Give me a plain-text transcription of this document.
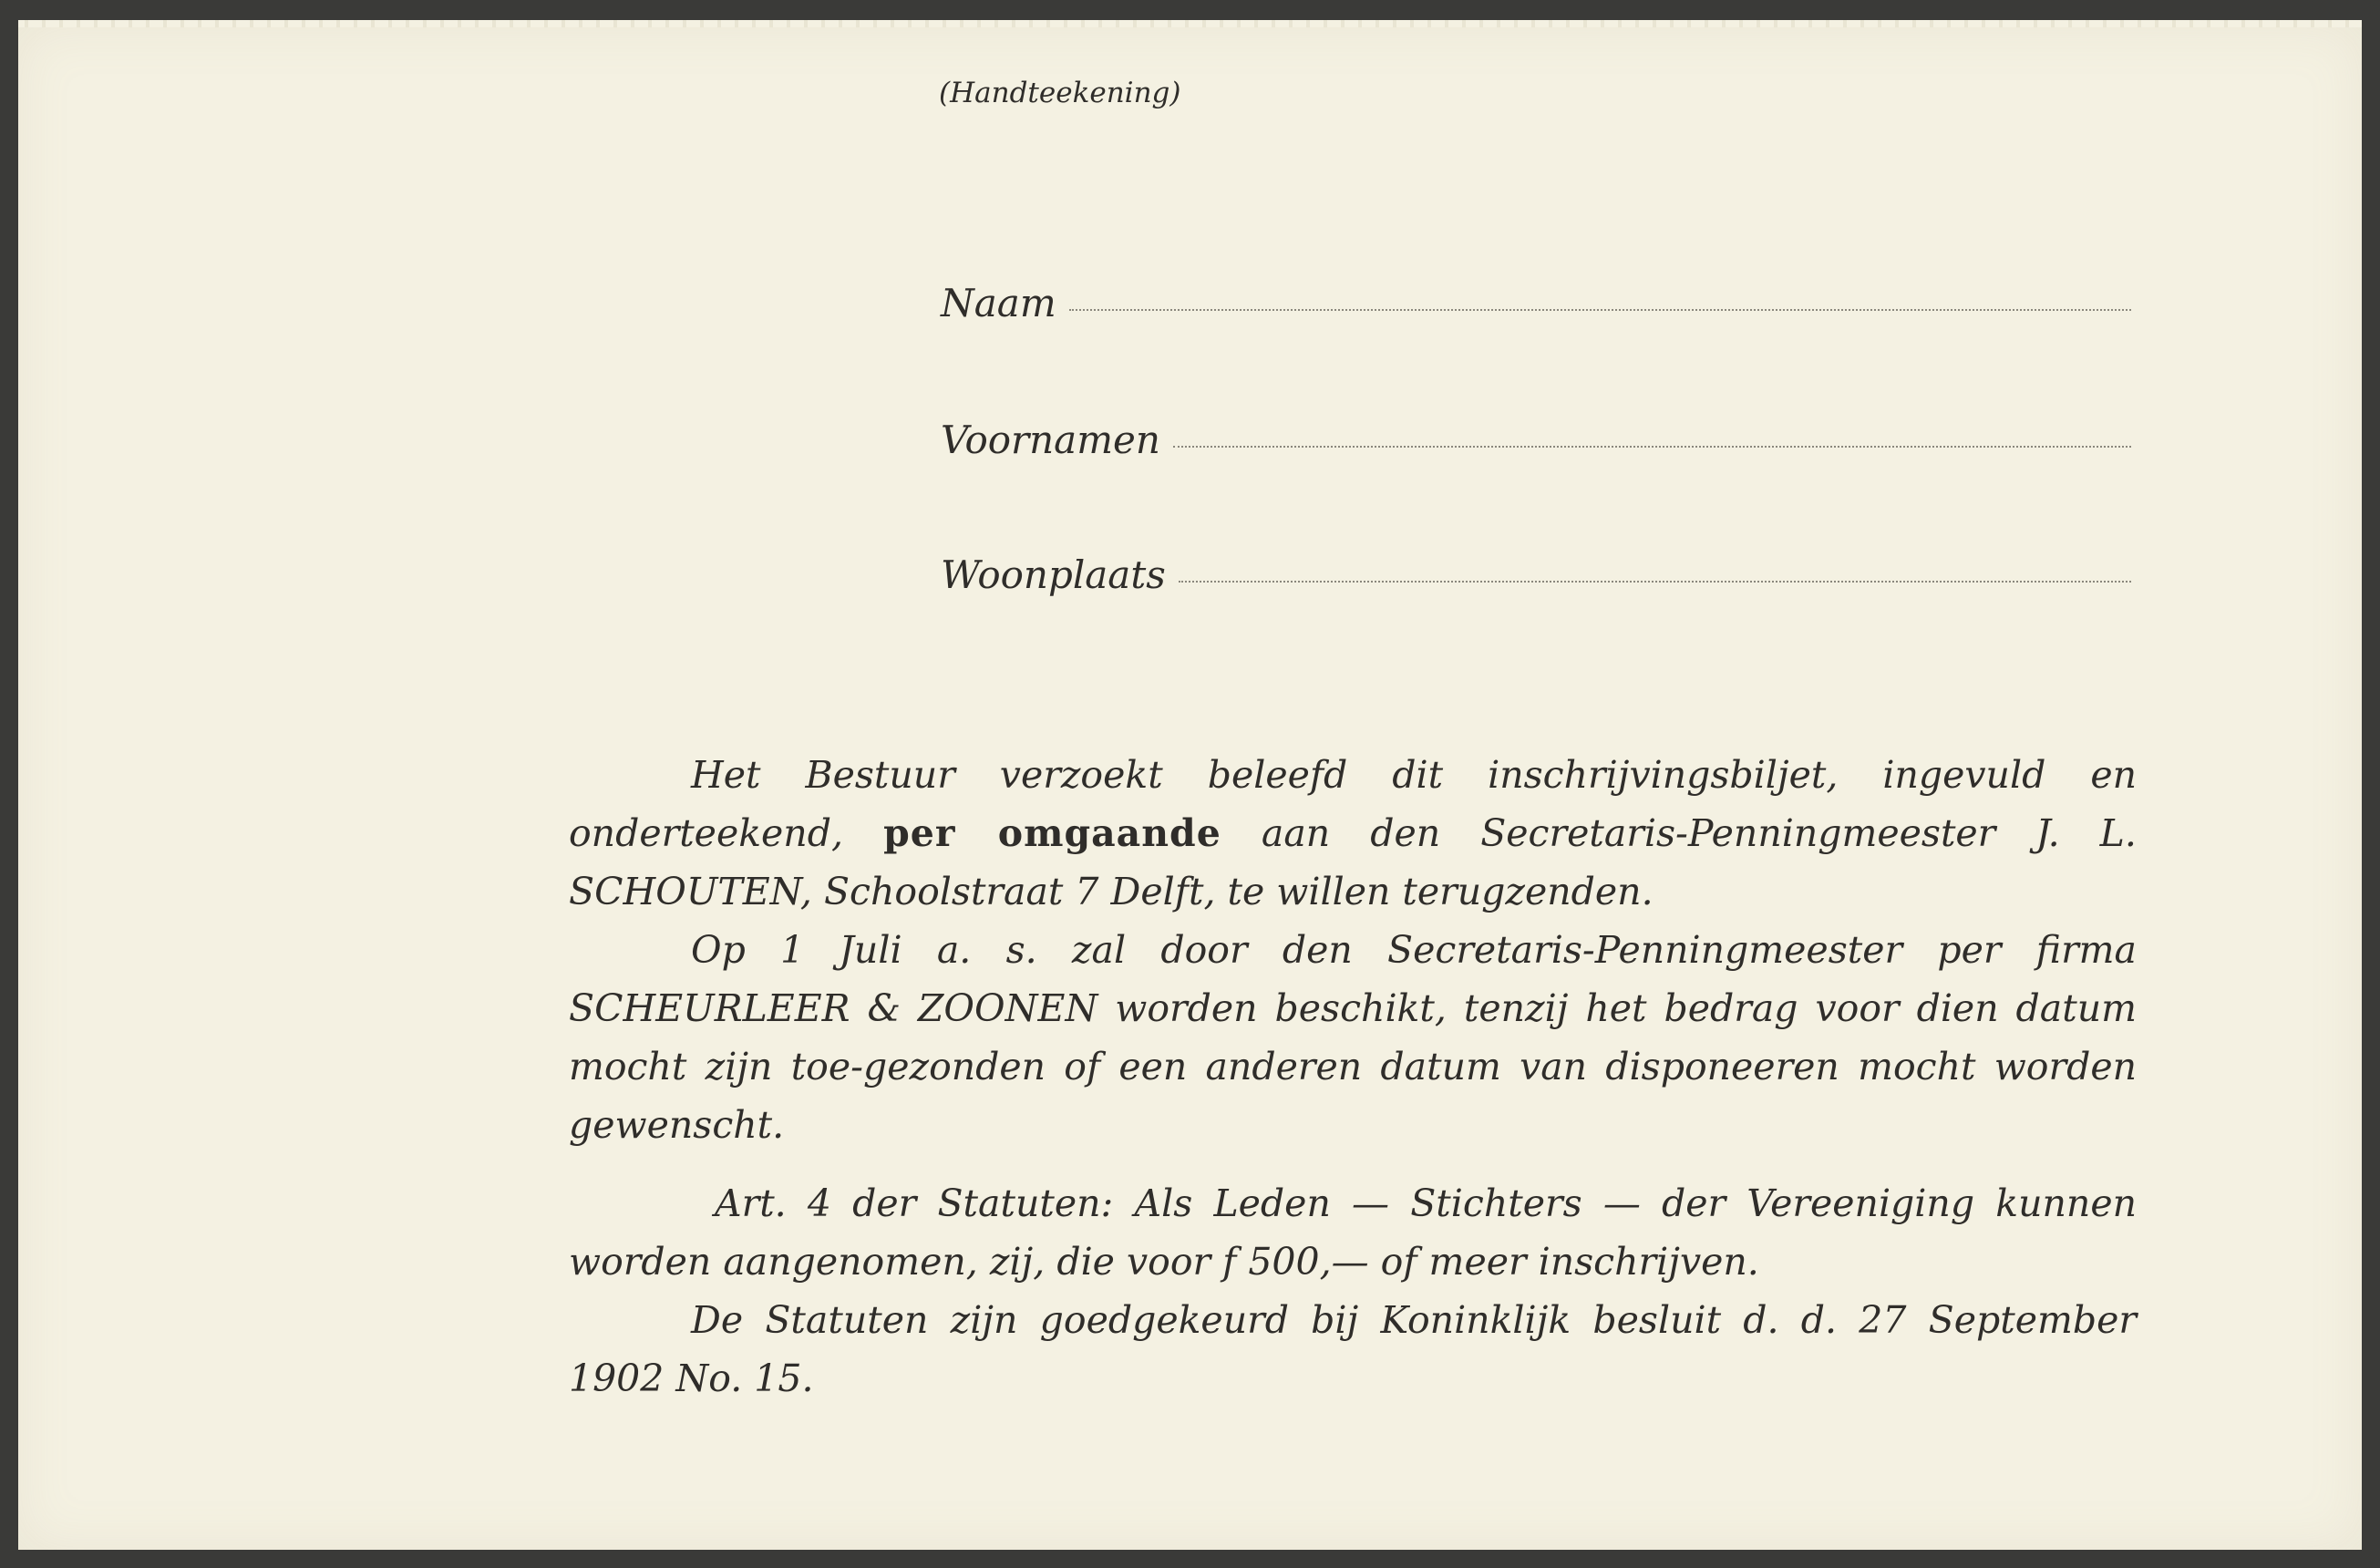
(Handteekening)
Naam
Voornamen
Woonplaats

Het Bestuur verzoekt beleefd dit inschrijvingsbiljet, ingevuld en onderteekend, per omgaande aan den Secretaris-Penningmeester J. L. SCHOUTEN, Schoolstraat 7 Delft, te willen terugzenden.

Op 1 Juli a. s. zal door den Secretaris-Penningmeester per firma SCHEURLEER & ZOONEN worden beschikt, tenzij het bedrag voor dien datum mocht zijn toe-gezonden of een anderen datum van disponeeren mocht worden gewenscht.

Art. 4 der Statuten: Als Leden — Stichters — der Vereeniging kunnen worden aangenomen, zij, die voor f 500,— of meer inschrijven.

De Statuten zijn goedgekeurd bij Koninklijk besluit d. d. 27 September 1902 No. 15.
